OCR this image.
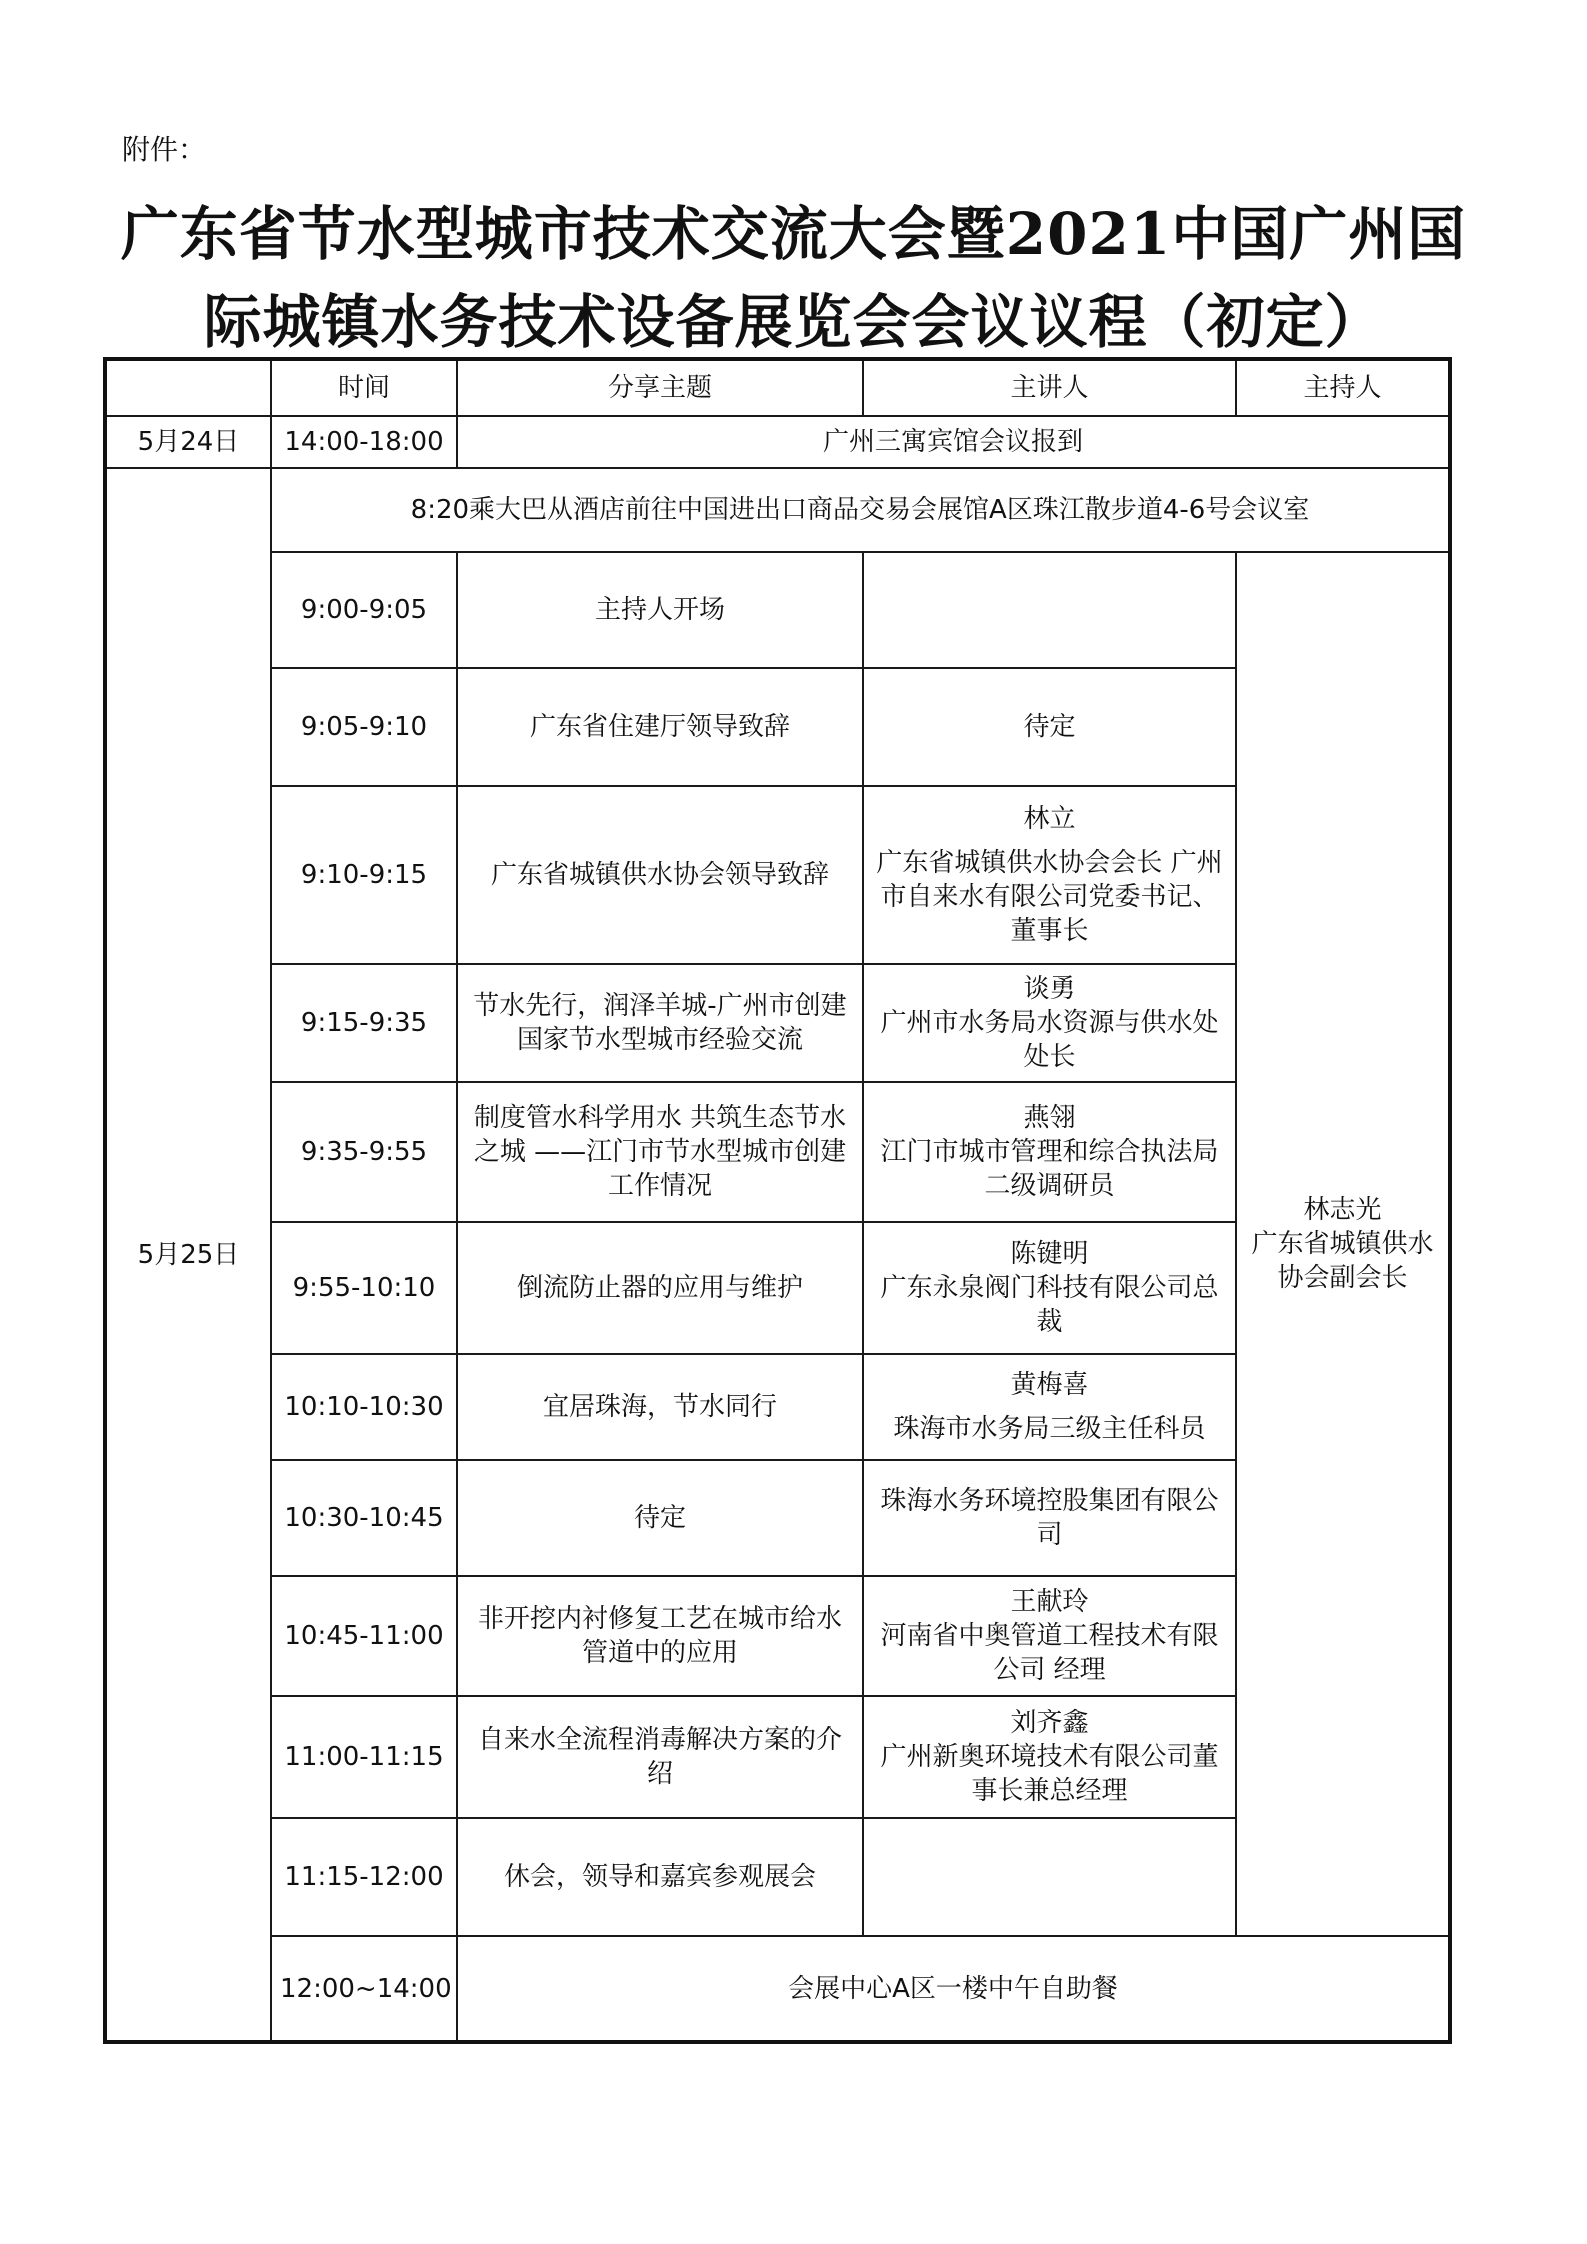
附件：
广东省节水型城市技术交流大会暨2021中国广州国
际城镇水务技术设备展览会会议议程（初定）
	时间	分享主题	主讲人	主持人
5月24日	14:00-18:00	广州三寓宾馆会议报到		
5月25日	8:20乘大巴从酒店前往中国进出口商品交易会展馆A区珠江散步道4-6号会议室			
	9:00-9:05	主持人开场		林志光
广东省城镇供水协会副会长

	9:05-9:10	广东省住建厅领导致辞	待定	

	9:10-9:15	广东省城镇供水协会领导致辞	林立
广东省城镇供水协会会长 广州市自来水有限公司党委书记、董事长	

	9:15-9:35	节水先行，润泽羊城-广州市创建国家节水型城市经验交流	谈勇
广州市水务局水资源与供水处处长	

	9:35-9:55	制度管水科学用水 共筑生态节水之城 ——江门市节水型城市创建工作情况	燕翎
江门市城市管理和综合执法局二级调研员	

	9:55-10:10	倒流防止器的应用与维护	陈键明
广东永泉阀门科技有限公司总裁	

	10:10-10:30	宜居珠海，节水同行	黄梅喜
珠海市水务局三级主任科员	

	10:30-10:45	待定	珠海水务环境控股集团有限公司	

	10:45-11:00	非开挖内衬修复工艺在城市给水管道中的应用	王献玲
河南省中奥管道工程技术有限公司 经理	

	11:00-11:15	自来水全流程消毒解决方案的介绍	刘齐鑫
广州新奥环境技术有限公司董事长兼总经理	

	11:15-12:00	休会，领导和嘉宾参观展会		

	12:00~14:00	会展中心A区一楼中午自助餐		
